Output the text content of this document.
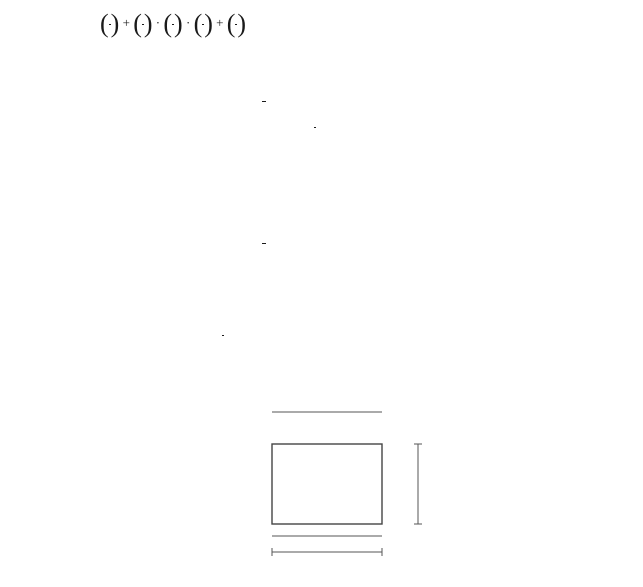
(
) + (
) · (
) · (
) + (
)
